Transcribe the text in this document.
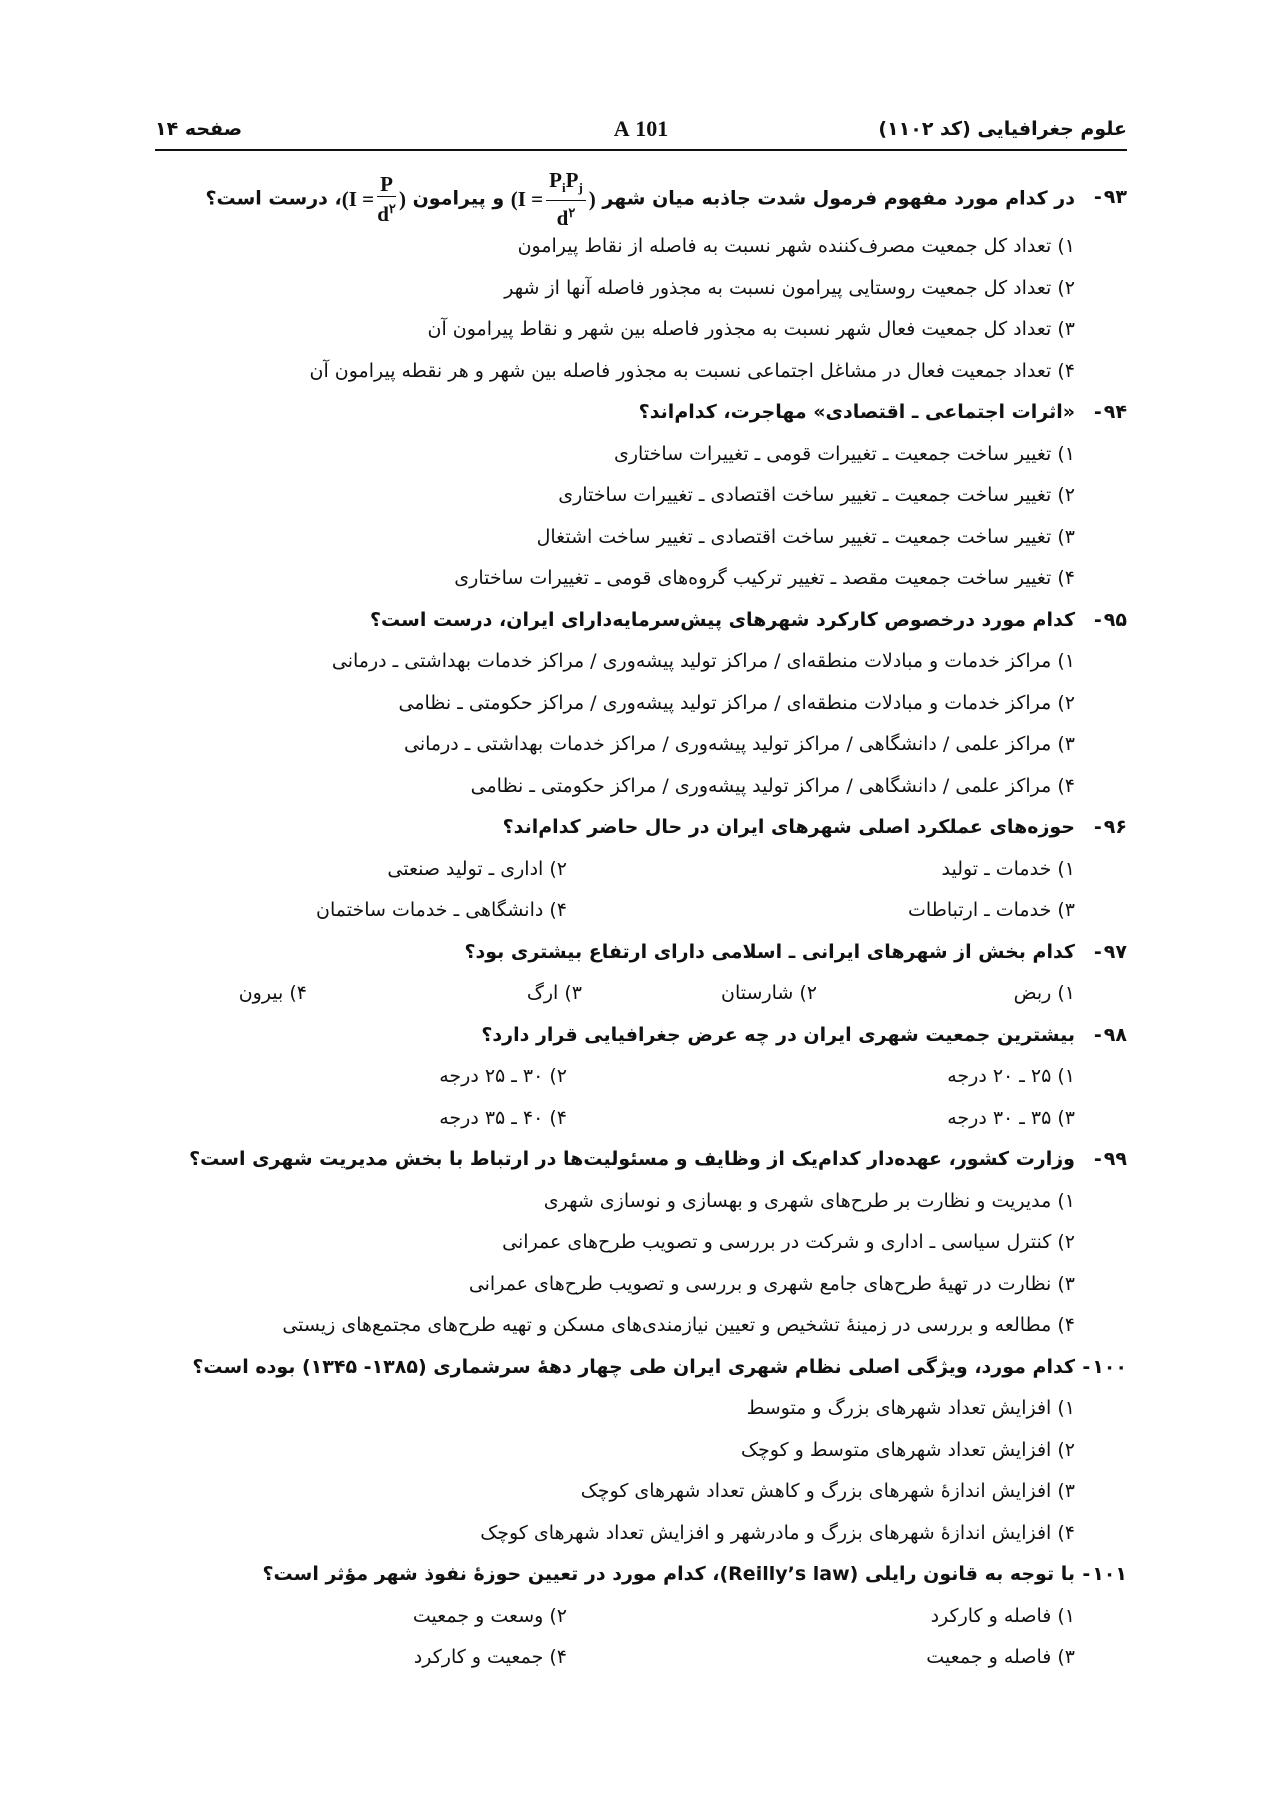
علوم جغرافیایی (کد ۱۱۰۲)
101 A
صفحه ۱۴
۹۳-
در کدام مورد مفهوم فرمول شدت جاذبه میان شهر
($I = \frac{P_iP_j}{d^۲}$ )
و پیرامون
($I = \frac{P}{d^۲}$ )
، درست است؟
۱) تعداد کل جمعیت مصرف‌کننده شهر نسبت به فاصله از نقاط پیرامون
۲) تعداد کل جمعیت روستایی پیرامون نسبت به مجذور فاصله آنها از شهر
۳) تعداد کل جمعیت فعال شهر نسبت به مجذور فاصله بین شهر و نقاط پیرامون آن
۴) تعداد جمعیت فعال در مشاغل اجتماعی نسبت به مجذور فاصله بین شهر و هر نقطه پیرامون آن
۹۴-
«اثرات اجتماعی ـ اقتصادی» مهاجرت، کدام‌اند؟
۱) تغییر ساخت جمعیت ـ تغییرات قومی ـ تغییرات ساختاری
۲) تغییر ساخت جمعیت ـ تغییر ساخت اقتصادی ـ تغییرات ساختاری
۳) تغییر ساخت جمعیت ـ تغییر ساخت اقتصادی ـ تغییر ساخت اشتغال
۴) تغییر ساخت جمعیت مقصد ـ تغییر ترکیب گروه‌های قومی ـ تغییرات ساختاری
۹۵-
کدام مورد درخصوص کارکرد شهرهای پیش‌سرمایه‌دارای ایران، درست است؟
۱) مراکز خدمات و مبادلات منطقه‌ای / مراکز تولید پیشه‌وری / مراکز خدمات بهداشتی ـ درمانی
۲) مراکز خدمات و مبادلات منطقه‌ای / مراکز تولید پیشه‌وری / مراکز حکومتی ـ نظامی
۳) مراکز علمی / دانشگاهی / مراکز تولید پیشه‌وری / مراکز خدمات بهداشتی ـ درمانی
۴) مراکز علمی / دانشگاهی / مراکز تولید پیشه‌وری / مراکز حکومتی ـ نظامی
۹۶-
حوزه‌های عملکرد اصلی شهرهای ایران در حال حاضر کدام‌اند؟
۱) خدمات ـ تولید
۲) اداری ـ تولید صنعتی
۳) خدمات ـ ارتباطات
۴) دانشگاهی ـ خدمات ساختمان
۹۷-
کدام بخش از شهرهای ایرانی ـ اسلامی دارای ارتفاع بیشتری بود؟
۱) ربض
۲) شارستان
۳) ارگ
۴) بیرون
۹۸-
بیشترین جمعیت شهری ایران در چه عرض جغرافیایی قرار دارد؟
۱) ۲۵ ـ ۲۰ درجه
۲) ۳۰ ـ ۲۵ درجه
۳) ۳۵ ـ ۳۰ درجه
۴) ۴۰ ـ ۳۵ درجه
۹۹-
وزارت کشور، عهده‌دار کدام‌یک از وظایف و مسئولیت‌ها در ارتباط با بخش مدیریت شهری است؟
۱) مدیریت و نظارت بر طرح‌های شهری و بهسازی و نوسازی شهری
۲) کنترل سیاسی ـ اداری و شرکت در بررسی و تصویب طرح‌های عمرانی
۳) نظارت در تهیهٔ طرح‌های جامع شهری و بررسی و تصویب طرح‌های عمرانی
۴) مطالعه و بررسی در زمینهٔ تشخیص و تعیین نیازمندی‌های مسکن و تهیه طرح‌های مجتمع‌های زیستی
۱۰۰-
کدام مورد، ویژگی اصلی نظام شهری ایران طی چهار دههٔ سرشماری (۱۳۸۵- ۱۳۴۵) بوده است؟
۱) افزایش تعداد شهرهای بزرگ و متوسط
۲) افزایش تعداد شهرهای متوسط و کوچک
۳) افزایش اندازهٔ شهرهای بزرگ و کاهش تعداد شهرهای کوچک
۴) افزایش اندازهٔ شهرهای بزرگ و مادرشهر و افزایش تعداد شهرهای کوچک
۱۰۱-
با توجه به قانون رایلی (Reilly’s law)، کدام مورد در تعیین حوزهٔ نفوذ شهر مؤثر است؟
۱) فاصله و کارکرد
۲) وسعت و جمعیت
۳) فاصله و جمعیت
۴) جمعیت و کارکرد
